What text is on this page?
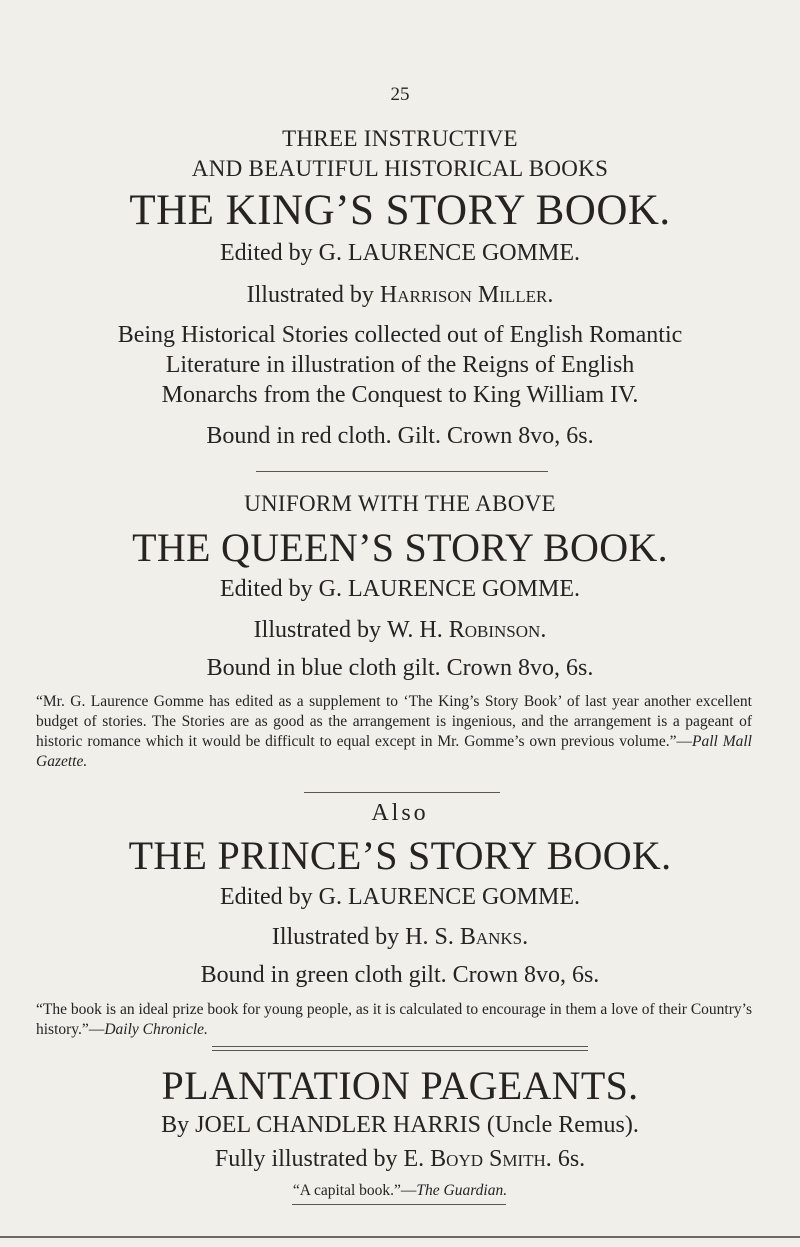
25
THREE INSTRUCTIVE
AND BEAUTIFUL HISTORICAL BOOKS
THE KING’S STORY BOOK.
Edited by G. LAURENCE GOMME.
Illustrated by Harrison Miller.
Being Historical Stories collected out of English Romantic
Literature in illustration of the Reigns of English
Monarchs from the Conquest to King William IV.
Bound in red cloth. Gilt. Crown 8vo, 6s.
UNIFORM WITH THE ABOVE
THE QUEEN’S STORY BOOK.
Edited by G. LAURENCE GOMME.
Illustrated by W. H. Robinson.
Bound in blue cloth gilt. Crown 8vo, 6s.
“Mr. G. Laurence Gomme has edited as a supplement to ‘The King’s Story Book’ of last year another excellent budget of stories. The Stories are as good as the arrangement is ingenious, and the arrangement is a pageant of historic romance which it would be difficult to equal except in Mr. Gomme’s own previous volume.”—Pall Mall Gazette.
Also
THE PRINCE’S STORY BOOK.
Edited by G. LAURENCE GOMME.
Illustrated by H. S. Banks.
Bound in green cloth gilt. Crown 8vo, 6s.
“The book is an ideal prize book for young people, as it is calculated to encourage in them a love of their Country’s history.”—Daily Chronicle.
PLANTATION PAGEANTS.
By JOEL CHANDLER HARRIS (Uncle Remus).
Fully illustrated by E. Boyd Smith. 6s.
“A capital book.”—The Guardian.
